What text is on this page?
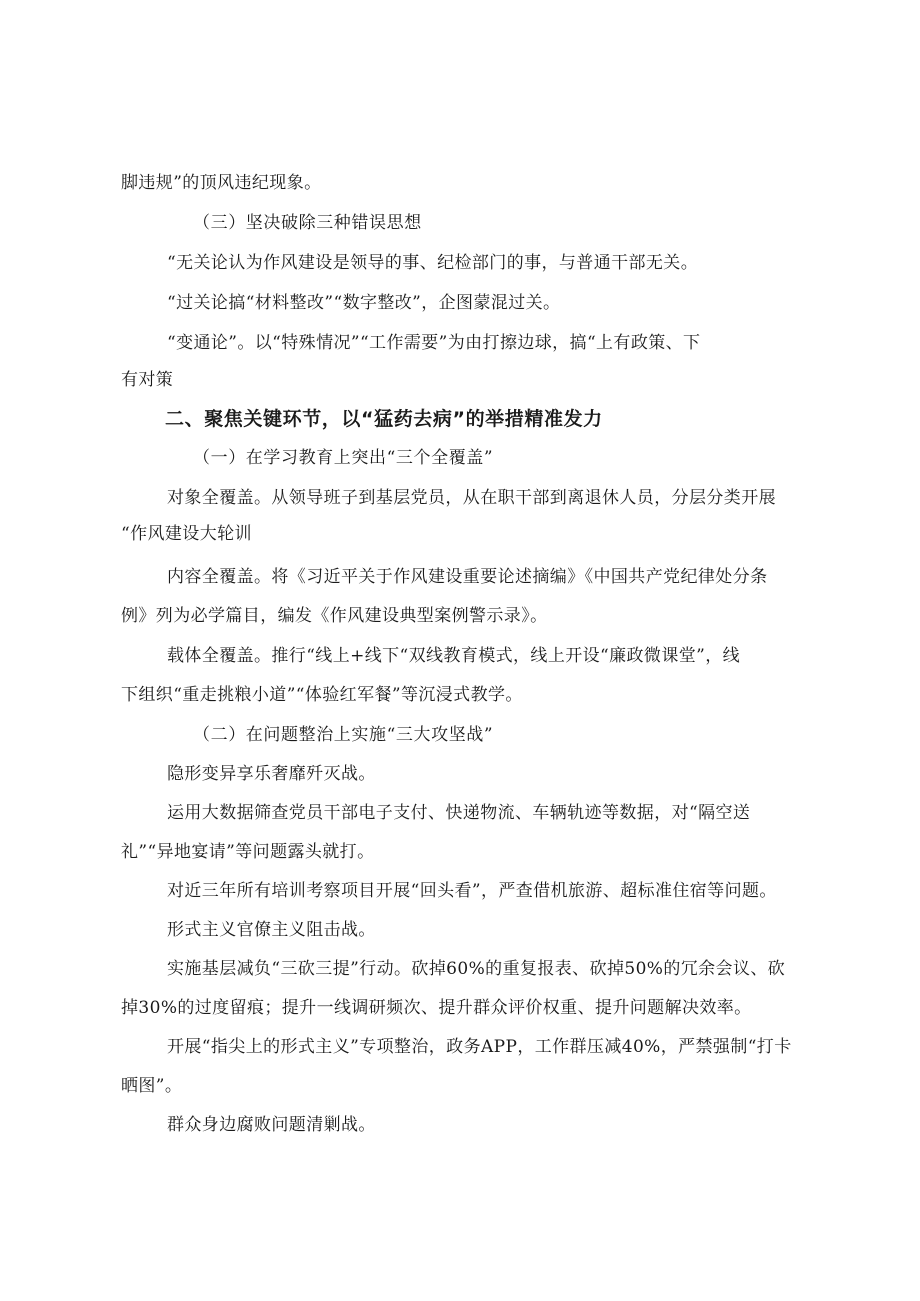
脚违规”的顶风违纪现象。

（三）坚决破除三种错误思想

“无关论认为作风建设是领导的事、纪检部门的事，与普通干部无关。

“过关论搞“材料整改”“数字整改”，企图蒙混过关。

“变通论”。以“特殊情况”“工作需要”为由打擦边球，搞“上有政策、下

有对策

二、聚焦关键环节，以“猛药去病”的举措精准发力

（一）在学习教育上突出“三个全覆盖”

对象全覆盖。从领导班子到基层党员，从在职干部到离退休人员，分层分类开展

“作风建设大轮训

内容全覆盖。将《习近平关于作风建设重要论述摘编》《中国共产党纪律处分条

例》列为必学篇目，编发《作风建设典型案例警示录》。

载体全覆盖。推行“线上+线下“双线教育模式，线上开设“廉政微课堂”，线

下组织“重走挑粮小道”“体验红军餐”等沉浸式教学。

（二）在问题整治上实施“三大攻坚战”

隐形变异享乐奢靡歼灭战。

运用大数据筛查党员干部电子支付、快递物流、车辆轨迹等数据，对“隔空送

礼”“异地宴请”等问题露头就打。

对近三年所有培训考察项目开展“回头看”，严查借机旅游、超标准住宿等问题。

形式主义官僚主义阻击战。

实施基层减负“三砍三提”行动。砍掉60%的重复报表、砍掉50%的冗余会议、砍

掉30%的过度留痕；提升一线调研频次、提升群众评价权重、提升问题解决效率。

开展“指尖上的形式主义”专项整治，政务APP，工作群压减40%，严禁强制“打卡

晒图”。

群众身边腐败问题清剿战。
